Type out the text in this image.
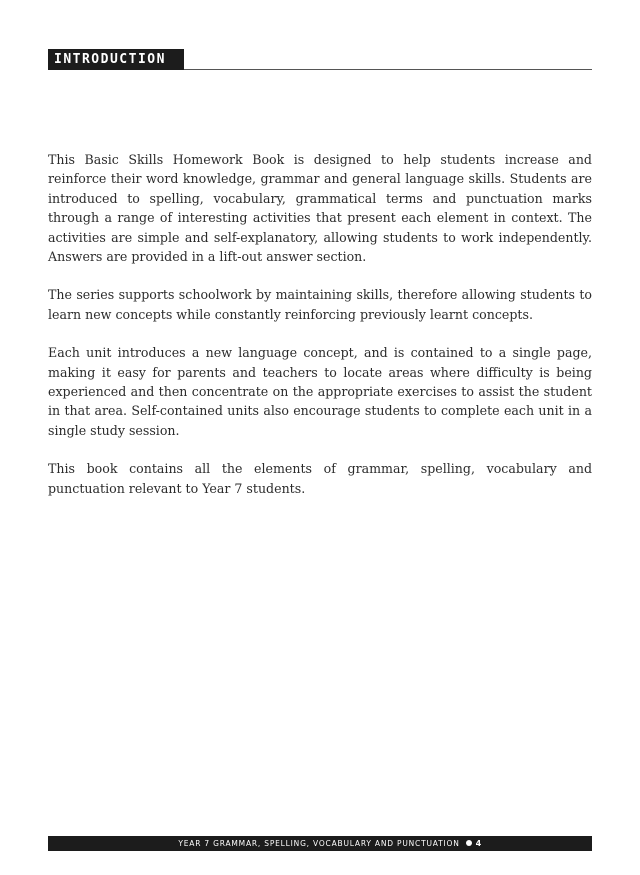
INTRODUCTION

This Basic Skills Homework Book is designed to help students increase and reinforce their word knowledge, grammar and general language skills. Students are introduced to spelling, vocabulary, grammatical terms and punctuation marks through a range of interesting activities that present each element in context. The activities are simple and self-explanatory, allowing students to work independently. Answers are provided in a lift-out answer section.

The series supports schoolwork by maintaining skills, therefore allowing students to learn new concepts while constantly reinforcing previously learnt concepts.

Each unit introduces a new language concept, and is contained to a single page, making it easy for parents and teachers to locate areas where difficulty is being experienced and then concentrate on the appropriate exercises to assist the student in that area. Self-contained units also encourage students to complete each unit in a single study session.

This book contains all the elements of grammar, spelling, vocabulary and punctuation relevant to Year 7 students.

YEAR 7 GRAMMAR, SPELLING, VOCABULARY AND PUNCTUATION 4
